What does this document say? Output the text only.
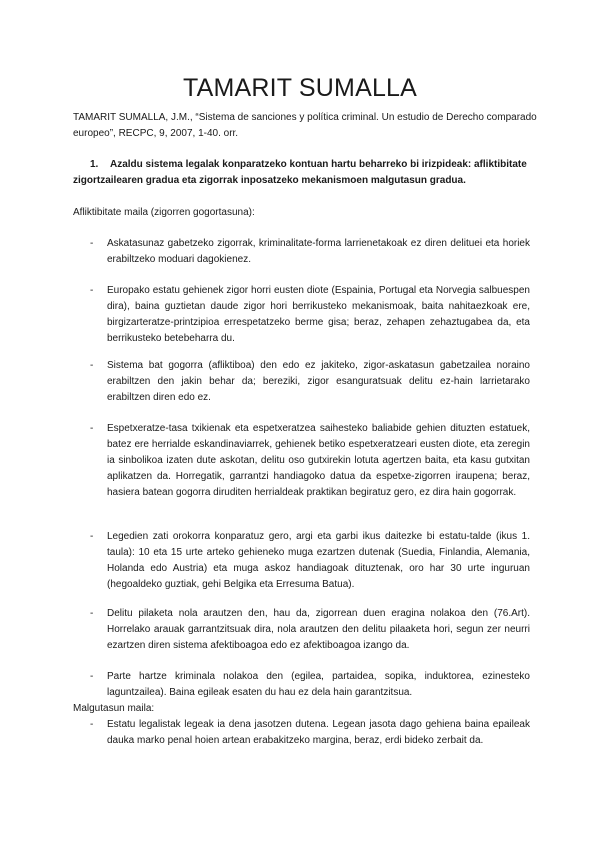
TAMARIT SUMALLA

TAMARIT SUMALLA, J.M., “Sistema de sanciones y política criminal. Un estudio de Derecho comparado europeo”, RECPC, 9, 2007, 1-40. orr.

1. Azaldu sistema legalak konparatzeko kontuan hartu beharreko bi irizpideak: afliktibitate zigortzailearen gradua eta zigorrak inposatzeko mekanismoen malgutasun gradua.

Afliktibitate maila (zigorren gogortasuna):

-	Askatasunaz gabetzeko zigorrak, kriminalitate-forma larrienetakoak ez diren delituei eta horiek erabiltzeko moduari dagokienez.
-	Europako estatu gehienek zigor horri eusten diote (Espainia, Portugal eta Norvegia salbuespen dira), baina guztietan daude zigor hori berrikusteko mekanismoak, baita nahitaezkoak ere, birgizarteratze-printzipioa errespetatzeko berme gisa; beraz, zehapen zehaztugabea da, eta berrikusteko betebeharra du.
-	Sistema bat gogorra (afliktiboa) den edo ez jakiteko, zigor-askatasun gabetzailea noraino erabiltzen den jakin behar da; bereziki, zigor esanguratsuak delitu ez-hain larrietarako erabiltzen diren edo ez.
-	Espetxeratze-tasa txikienak eta espetxeratzea saihesteko baliabide gehien dituzten estatuek, batez ere herrialde eskandinaviarrek, gehienek betiko espetxeratzeari eusten diote, eta zeregin ia sinbolikoa izaten dute askotan, delitu oso gutxirekin lotuta agertzen baita, eta kasu gutxitan aplikatzen da. Horregatik, garrantzi handiagoko datua da espetxe-zigorren iraupena; beraz, hasiera batean gogorra diruditen herrialdeak praktikan begiratuz gero, ez dira hain gogorrak.
-	Legedien zati orokorra konparatuz gero, argi eta garbi ikus daitezke bi estatu-talde (ikus 1. taula): 10 eta 15 urte arteko gehieneko muga ezartzen dutenak (Suedia, Finlandia, Alemania, Holanda edo Austria) eta muga askoz handiagoak dituztenak, oro har 30 urte inguruan (hegoaldeko guztiak, gehi Belgika eta Erresuma Batua).
-	Delitu pilaketa nola arautzen den, hau da, zigorrean duen eragina nolakoa den (76.Art). Horrelako arauak garrantzitsuak dira, nola arautzen den delitu pilaaketa hori, segun zer neurri ezartzen diren sistema afektiboagoa edo ez afektiboagoa izango da.
-	Parte hartze kriminala nolakoa den (egilea, partaidea, sopika, induktorea, ezinesteko laguntzailea). Baina egileak esaten du hau ez dela hain garantzitsua.

Malgutasun maila:

-	Estatu legalistak legeak ia dena jasotzen dutena. Legean jasota dago gehiena baina epaileak dauka marko penal hoien artean erabakitzeko margina, beraz, erdi bideko zerbait da.
